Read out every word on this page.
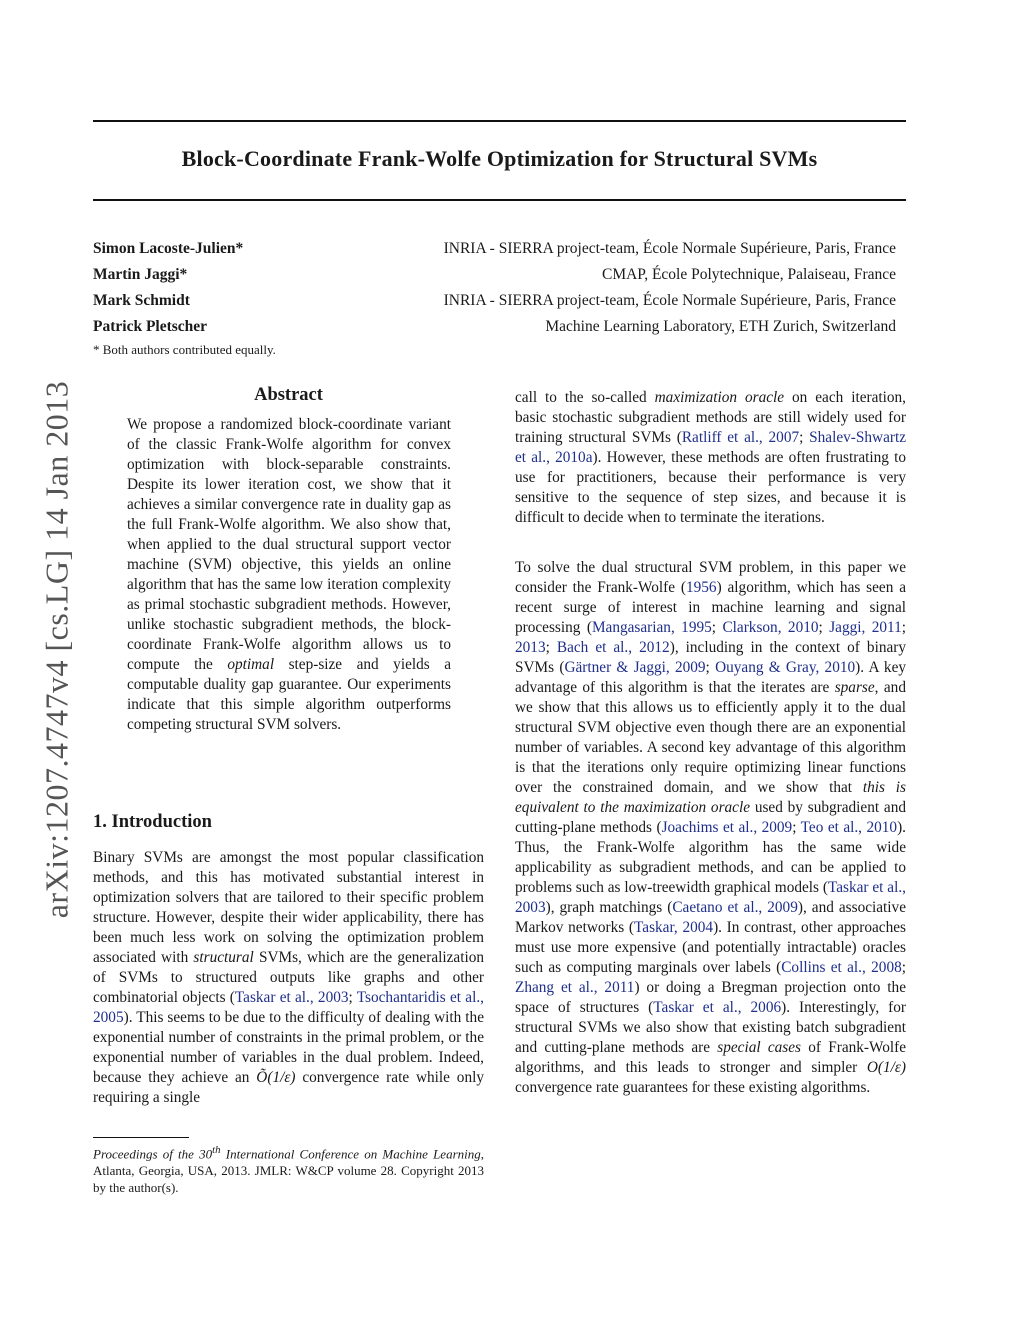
Block-Coordinate Frank-Wolfe Optimization for Structural SVMs
arXiv:1207.4747v4 [cs.LG] 14 Jan 2013
Simon Lacoste-Julien*	INRIA - SIERRA project-team, École Normale Supérieure, Paris, France
Martin Jaggi*	CMAP, École Polytechnique, Palaiseau, France
Mark Schmidt	INRIA - SIERRA project-team, École Normale Supérieure, Paris, France
Patrick Pletscher	Machine Learning Laboratory, ETH Zurich, Switzerland
* Both authors contributed equally.
Abstract
We propose a randomized block-coordinate variant of the classic Frank-Wolfe algorithm for convex optimization with block-separable constraints. Despite its lower iteration cost, we show that it achieves a similar convergence rate in duality gap as the full Frank-Wolfe algorithm. We also show that, when applied to the dual structural support vector machine (SVM) objective, this yields an online algorithm that has the same low iteration complexity as primal stochastic subgradient methods. However, unlike stochastic subgradient methods, the block-coordinate Frank-Wolfe algorithm allows us to compute the optimal step-size and yields a computable duality gap guarantee. Our experiments indicate that this simple algorithm outperforms competing structural SVM solvers.
1. Introduction
Binary SVMs are amongst the most popular classification methods, and this has motivated substantial interest in optimization solvers that are tailored to their specific problem structure. However, despite their wider applicability, there has been much less work on solving the optimization problem associated with structural SVMs, which are the generalization of SVMs to structured outputs like graphs and other combinatorial objects (Taskar et al., 2003; Tsochantaridis et al., 2005). This seems to be due to the difficulty of dealing with the exponential number of constraints in the primal problem, or the exponential number of variables in the dual problem. Indeed, because they achieve an Õ(1/ε) convergence rate while only requiring a single
Proceedings of the 30th International Conference on Machine Learning, Atlanta, Georgia, USA, 2013. JMLR: W&CP volume 28. Copyright 2013 by the author(s).
call to the so-called maximization oracle on each iteration, basic stochastic subgradient methods are still widely used for training structural SVMs (Ratliff et al., 2007; Shalev-Shwartz et al., 2010a). However, these methods are often frustrating to use for practitioners, because their performance is very sensitive to the sequence of step sizes, and because it is difficult to decide when to terminate the iterations.
To solve the dual structural SVM problem, in this paper we consider the Frank-Wolfe (1956) algorithm, which has seen a recent surge of interest in machine learning and signal processing (Mangasarian, 1995; Clarkson, 2010; Jaggi, 2011; 2013; Bach et al., 2012), including in the context of binary SVMs (Gärtner & Jaggi, 2009; Ouyang & Gray, 2010). A key advantage of this algorithm is that the iterates are sparse, and we show that this allows us to efficiently apply it to the dual structural SVM objective even though there are an exponential number of variables. A second key advantage of this algorithm is that the iterations only require optimizing linear functions over the constrained domain, and we show that this is equivalent to the maximization oracle used by subgradient and cutting-plane methods (Joachims et al., 2009; Teo et al., 2010). Thus, the Frank-Wolfe algorithm has the same wide applicability as subgradient methods, and can be applied to problems such as low-treewidth graphical models (Taskar et al., 2003), graph matchings (Caetano et al., 2009), and associative Markov networks (Taskar, 2004). In contrast, other approaches must use more expensive (and potentially intractable) oracles such as computing marginals over labels (Collins et al., 2008; Zhang et al., 2011) or doing a Bregman projection onto the space of structures (Taskar et al., 2006). Interestingly, for structural SVMs we also show that existing batch subgradient and cutting-plane methods are special cases of Frank-Wolfe algorithms, and this leads to stronger and simpler O(1/ε) convergence rate guarantees for these existing algorithms.
